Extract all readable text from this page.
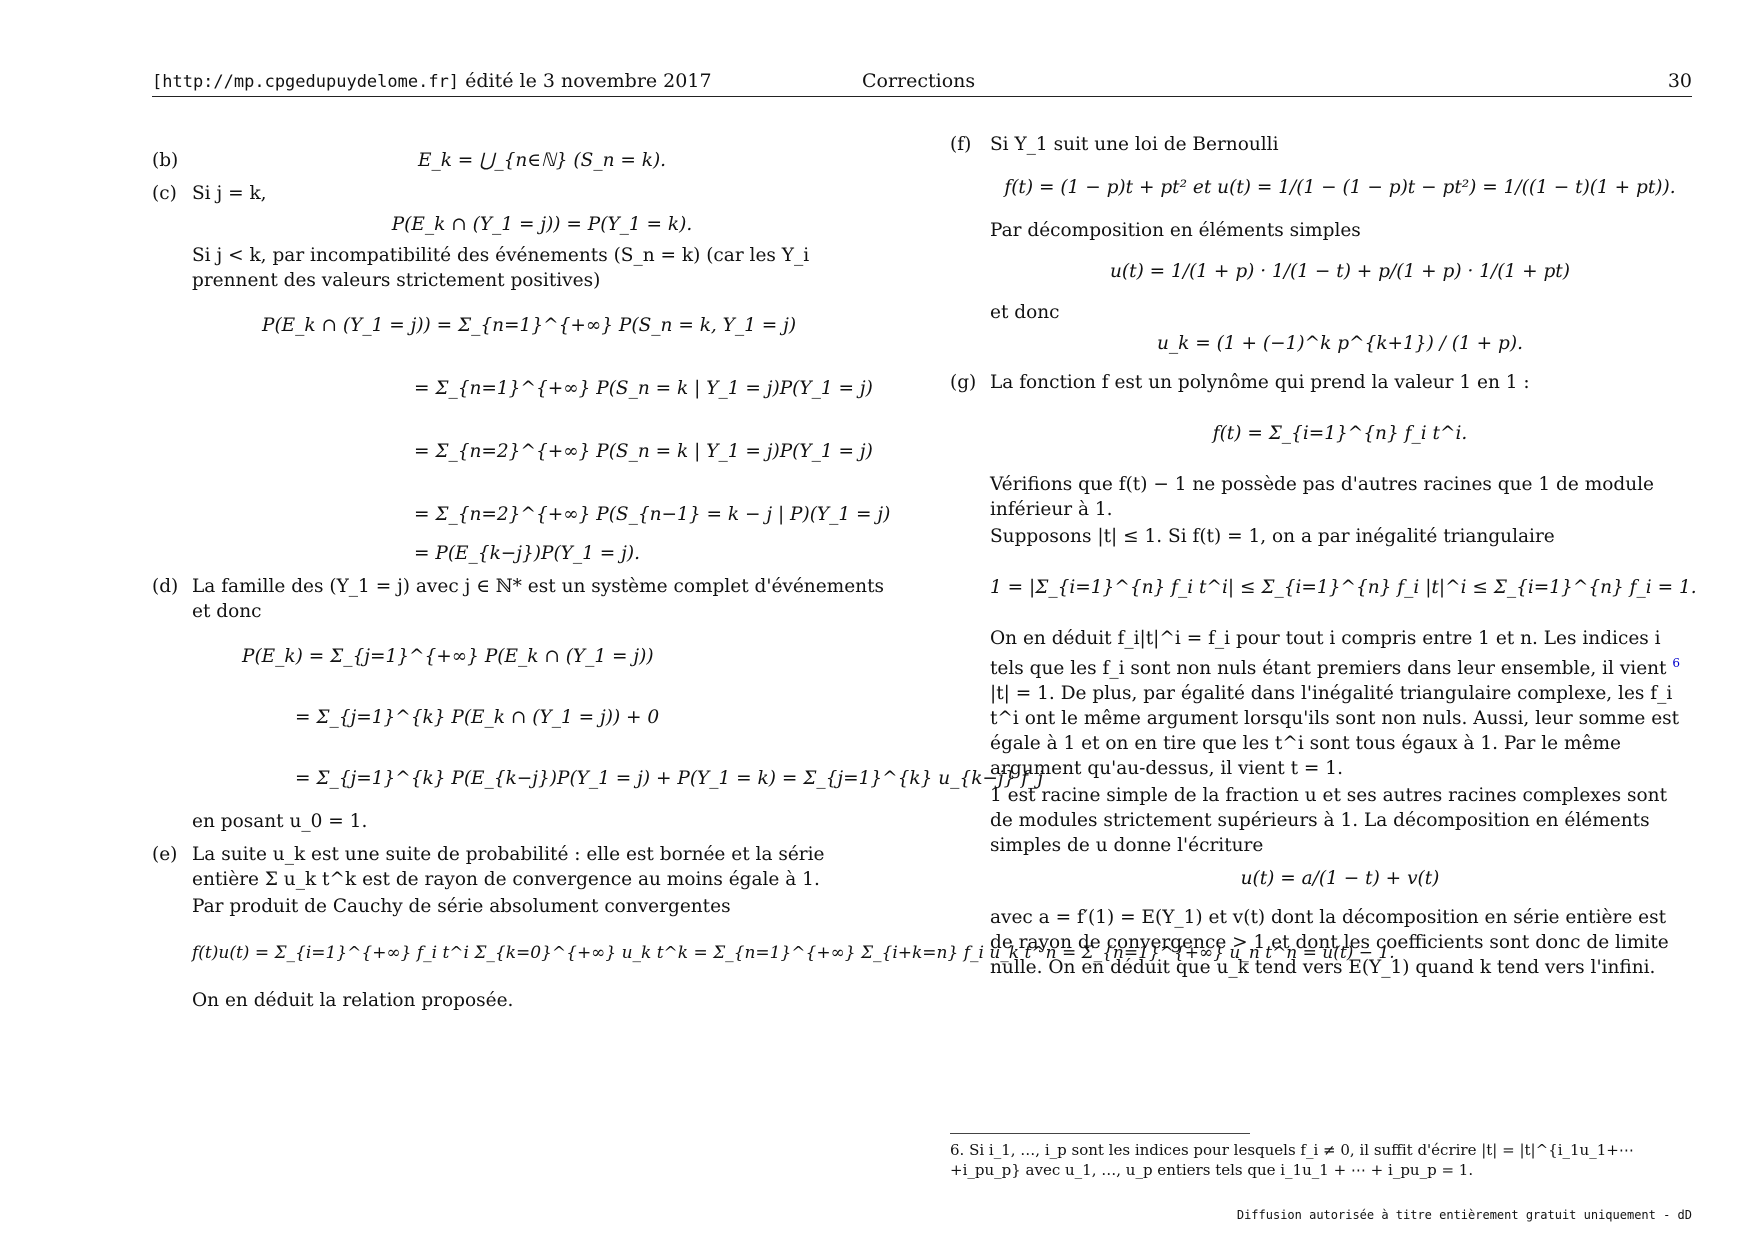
[http://mp.cpgedupuydelome.fr] édité le 3 novembre 2017	Corrections	30
(b)	E_k = ⋃_{n∈ℕ} (S_n = k).
(c) Si j = k,
P(E_k ∩ (Y_1 = j)) = P(Y_1 = k).
Si j < k, par incompatibilité des événements (S_n = k) (car les Y_i prennent des valeurs strictement positives)
P(E_k ∩ (Y_1 = j)) = Σ_{n=1}^{+∞} P(S_n = k, Y_1 = j)
= Σ_{n=1}^{+∞} P(S_n = k | Y_1 = j)P(Y_1 = j)
= Σ_{n=2}^{+∞} P(S_n = k | Y_1 = j)P(Y_1 = j)
= Σ_{n=2}^{+∞} P(S_{n−1} = k − j | P)(Y_1 = j)
= P(E_{k−j})P(Y_1 = j).
(d) La famille des (Y_1 = j) avec j ∈ ℕ* est un système complet d'événements et donc
P(E_k) = Σ_{j=1}^{+∞} P(E_k ∩ (Y_1 = j))
= Σ_{j=1}^{k} P(E_k ∩ (Y_1 = j)) + 0
= Σ_{j=1}^{k} P(E_{k−j})P(Y_1 = j) + P(Y_1 = k) = Σ_{j=1}^{k} u_{k−j} f_j
en posant u_0 = 1.
(e) La suite u_k est une suite de probabilité : elle est bornée et la série entière Σ u_k t^k est de rayon de convergence au moins égale à 1.
Par produit de Cauchy de série absolument convergentes
f(t)u(t) = Σ_{i=1}^{+∞} f_i t^i Σ_{k=0}^{+∞} u_k t^k = Σ_{n=1}^{+∞} Σ_{i+k=n} f_i u_k t^n = Σ_{n=1}^{+∞} u_n t^n = u(t) − 1.
On en déduit la relation proposée.
(f) Si Y_1 suit une loi de Bernoulli
f(t) = (1 − p)t + pt² et u(t) = 1/(1 − (1 − p)t − pt²) = 1/((1 − t)(1 + pt)).
Par décomposition en éléments simples
u(t) = 1/(1 + p) · 1/(1 − t) + p/(1 + p) · 1/(1 + pt)
et donc
u_k = (1 + (−1)^k p^{k+1}) / (1 + p).
(g) La fonction f est un polynôme qui prend la valeur 1 en 1 :
f(t) = Σ_{i=1}^{n} f_i t^i.
Vérifions que f(t) − 1 ne possède pas d'autres racines que 1 de module inférieur à 1.
Supposons |t| ≤ 1. Si f(t) = 1, on a par inégalité triangulaire
1 = |Σ_{i=1}^{n} f_i t^i| ≤ Σ_{i=1}^{n} f_i |t|^i ≤ Σ_{i=1}^{n} f_i = 1.
On en déduit f_i|t|^i = f_i pour tout i compris entre 1 et n. Les indices i tels que les f_i sont non nuls étant premiers dans leur ensemble, il vient $^6$ |t| = 1. De plus, par égalité dans l'inégalité triangulaire complexe, les f_i t^i ont le même argument lorsqu'ils sont non nuls. Aussi, leur somme est égale à 1 et on en tire que les t^i sont tous égaux à 1. Par le même argument qu'au-dessus, il vient t = 1.
1 est racine simple de la fraction u et ses autres racines complexes sont de modules strictement supérieurs à 1. La décomposition en éléments simples de u donne l'écriture
u(t) = a/(1 − t) + v(t)
avec a = f′(1) = E(Y_1) et v(t) dont la décomposition en série entière est de rayon de convergence > 1 et dont les coefficients sont donc de limite nulle. On en déduit que u_k tend vers E(Y_1) quand k tend vers l'infini.
6. Si i_1, …, i_p sont les indices pour lesquels f_i ≠ 0, il suffit d'écrire |t| = |t|^{i_1u_1+⋯+i_pu_p} avec u_1, …, u_p entiers tels que i_1u_1 + ⋯ + i_pu_p = 1.
Diffusion autorisée à titre entièrement gratuit uniquement - dD
